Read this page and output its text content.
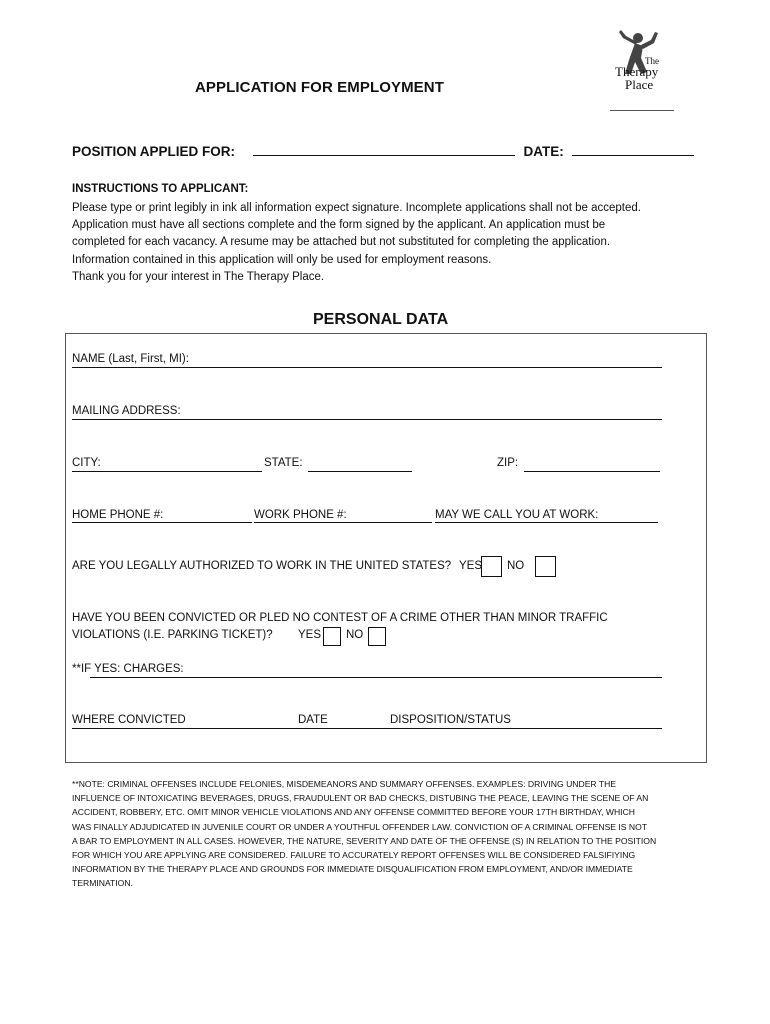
APPLICATION FOR EMPLOYMENT
The
Therapy
Place
POSITION APPLIED FOR:	DATE:
INSTRUCTIONS TO APPLICANT:
Please type or print legibly in ink all information expect signature. Incomplete applications shall not be accepted.
Application must have all sections complete and the form signed by the applicant. An application must be
completed for each vacancy. A resume may be attached but not substituted for completing the application.
Information contained in this application will only be used for employment reasons.
Thank you for your interest in The Therapy Place.
PERSONAL DATA
NAME (Last, First, MI):
MAILING ADDRESS:
CITY:	STATE:	ZIP:
HOME PHONE #:	WORK PHONE #:	MAY WE CALL YOU AT WORK:
ARE YOU LEGALLY AUTHORIZED TO WORK IN THE UNITED STATES? YES NO
HAVE YOU BEEN CONVICTED OR PLED NO CONTEST OF A CRIME OTHER THAN MINOR TRAFFIC
VIOLATIONS (I.E. PARKING TICKET)? YES NO
**IF YES: CHARGES:
WHERE CONVICTED	DATE	DISPOSITION/STATUS
**NOTE: CRIMINAL OFFENSES INCLUDE FELONIES, MISDEMEANORS AND SUMMARY OFFENSES. EXAMPLES: DRIVING UNDER THE
INFLUENCE OF INTOXICATING BEVERAGES, DRUGS, FRAUDULENT OR BAD CHECKS, DISTUBING THE PEACE, LEAVING THE SCENE OF AN
ACCIDENT, ROBBERY, ETC. OMIT MINOR VEHICLE VIOLATIONS AND ANY OFFENSE COMMITTED BEFORE YOUR 17TH BIRTHDAY, WHICH
WAS FINALLY ADJUDICATED IN JUVENILE COURT OR UNDER A YOUTHFUL OFFENDER LAW. CONVICTION OF A CRIMINAL OFFENSE IS NOT
A BAR TO EMPLOYMENT IN ALL CASES. HOWEVER, THE NATURE, SEVERITY AND DATE OF THE OFFENSE (S) IN RELATION TO THE POSITION
FOR WHICH YOU ARE APPLYING ARE CONSIDERED. FAILURE TO ACCURATELY REPORT OFFENSES WILL BE CONSIDERED FALSIFIYING
INFORMATION BY THE THERAPY PLACE AND GROUNDS FOR IMMEDIATE DISQUALIFICATION FROM EMPLOYMENT, AND/OR IMMEDIATE
TERMINATION.
